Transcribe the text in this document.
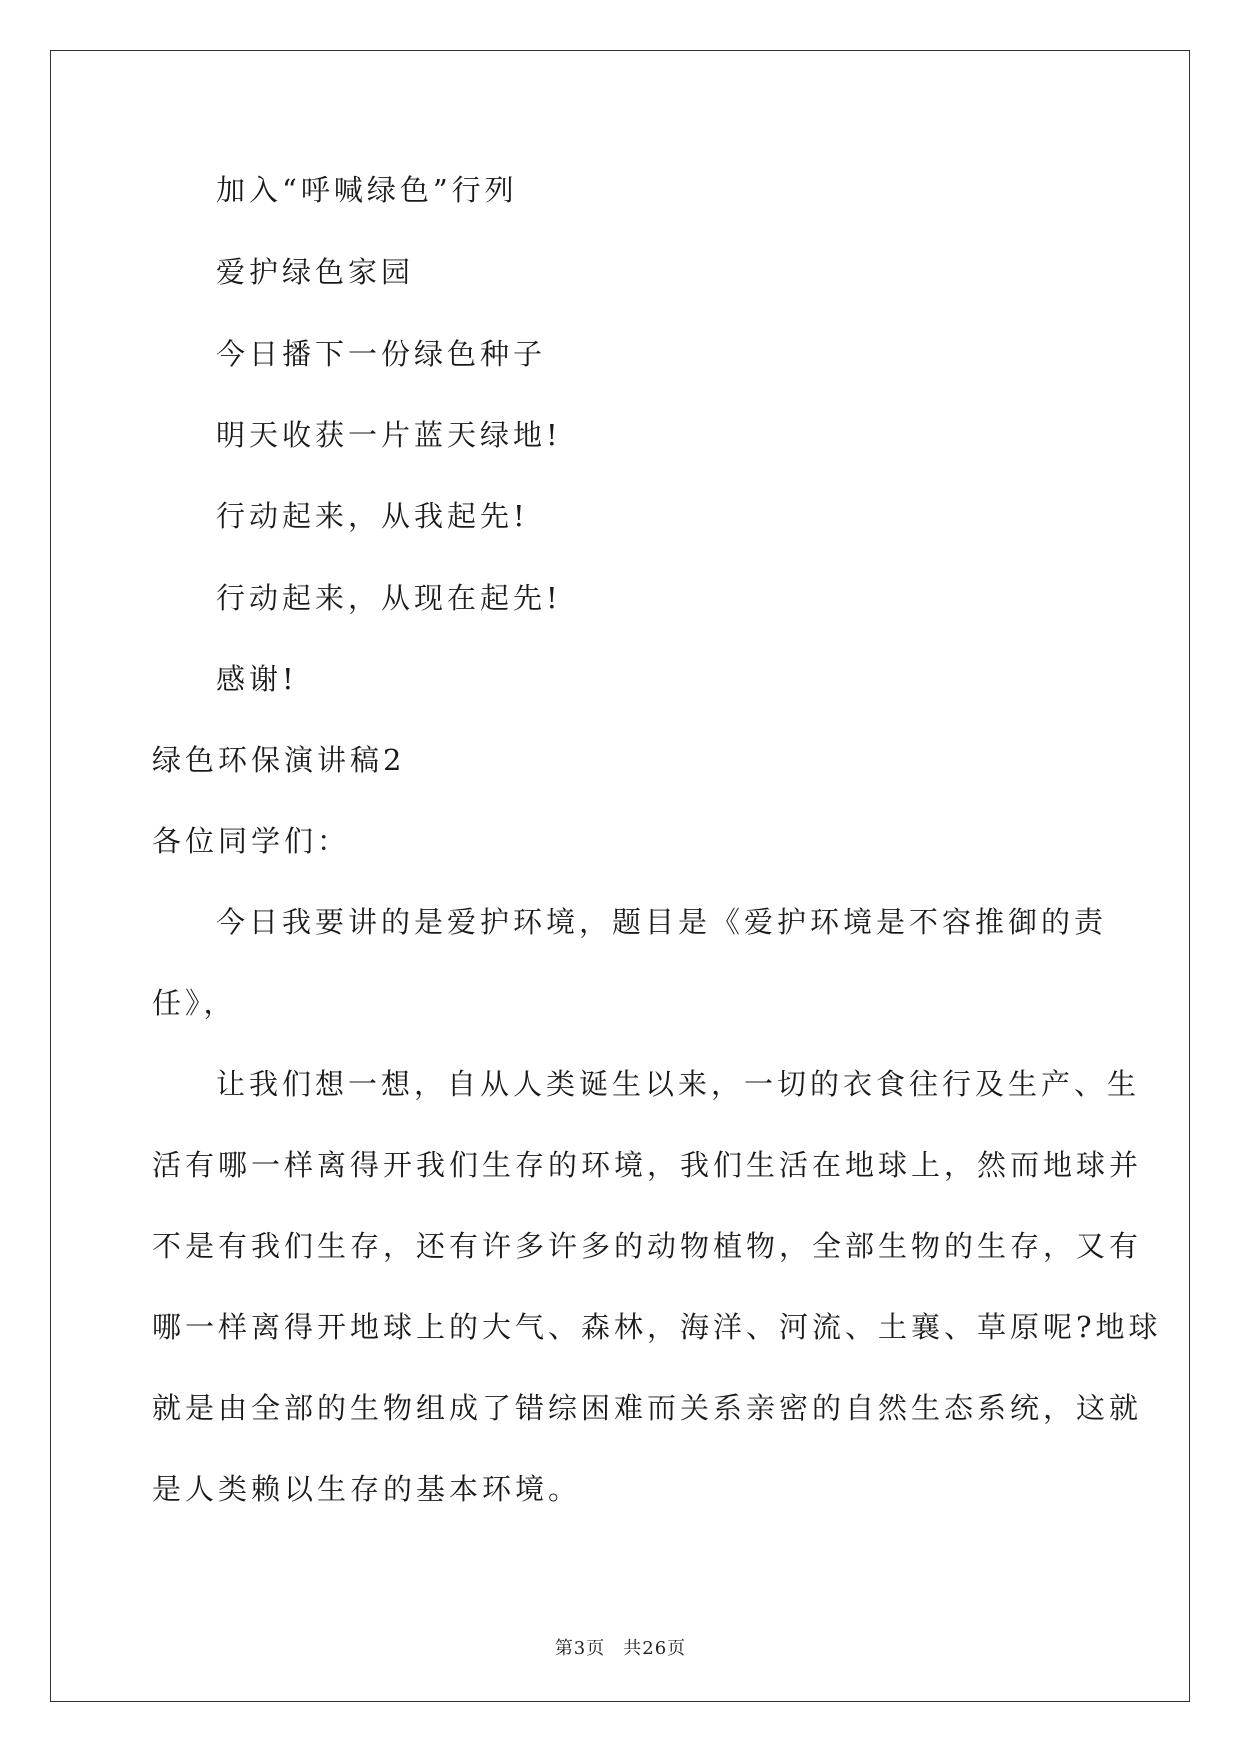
加入“呼喊绿色”行列
爱护绿色家园
今日播下一份绿色种子
明天收获一片蓝天绿地!
行动起来，从我起先!
行动起来，从现在起先!
感谢!
绿色环保演讲稿2
各位同学们：
今日我要讲的是爱护环境，题目是《爱护环境是不容推御的责
任》，
让我们想一想，自从人类诞生以来，一切的衣食往行及生产、生
活有哪一样离得开我们生存的环境，我们生活在地球上，然而地球并
不是有我们生存，还有许多许多的动物植物，全部生物的生存，又有
哪一样离得开地球上的大气、森林，海洋、河流、土襄、草原呢?地球
就是由全部的生物组成了错综困难而关系亲密的自然生态系统，这就
是人类赖以生存的基本环境。
第3页 共26页
